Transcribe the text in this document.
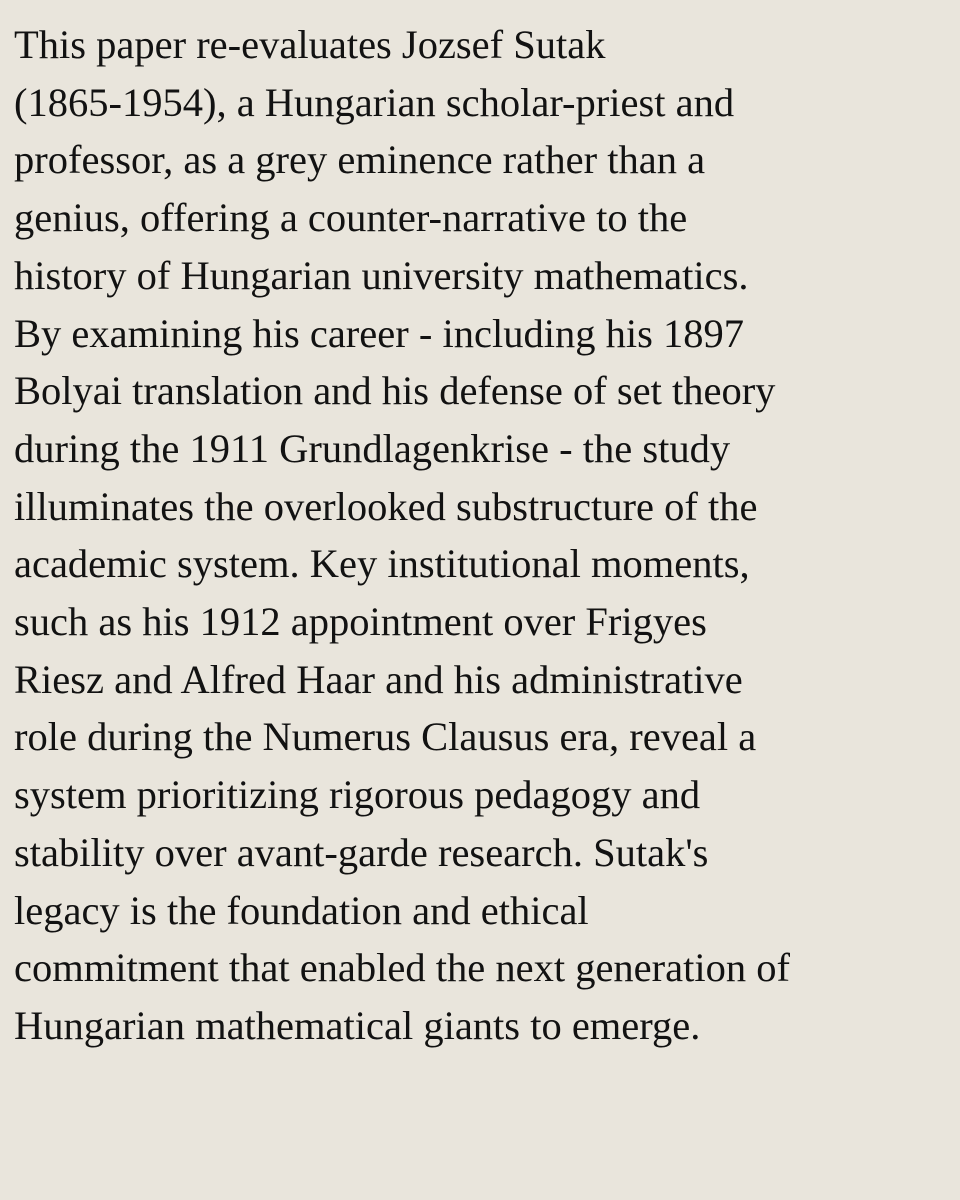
This paper re-evaluates Jozsef Sutak
(1865-1954), a Hungarian scholar-priest and
professor, as a grey eminence rather than a
genius, offering a counter-narrative to the
history of Hungarian university mathematics.
By examining his career - including his 1897
Bolyai translation and his defense of set theory
during the 1911 Grundlagenkrise - the study
illuminates the overlooked substructure of the
academic system. Key institutional moments,
such as his 1912 appointment over Frigyes
Riesz and Alfred Haar and his administrative
role during the Numerus Clausus era, reveal a
system prioritizing rigorous pedagogy and
stability over avant-garde research. Sutak's
legacy is the foundation and ethical
commitment that enabled the next generation of
Hungarian mathematical giants to emerge.
